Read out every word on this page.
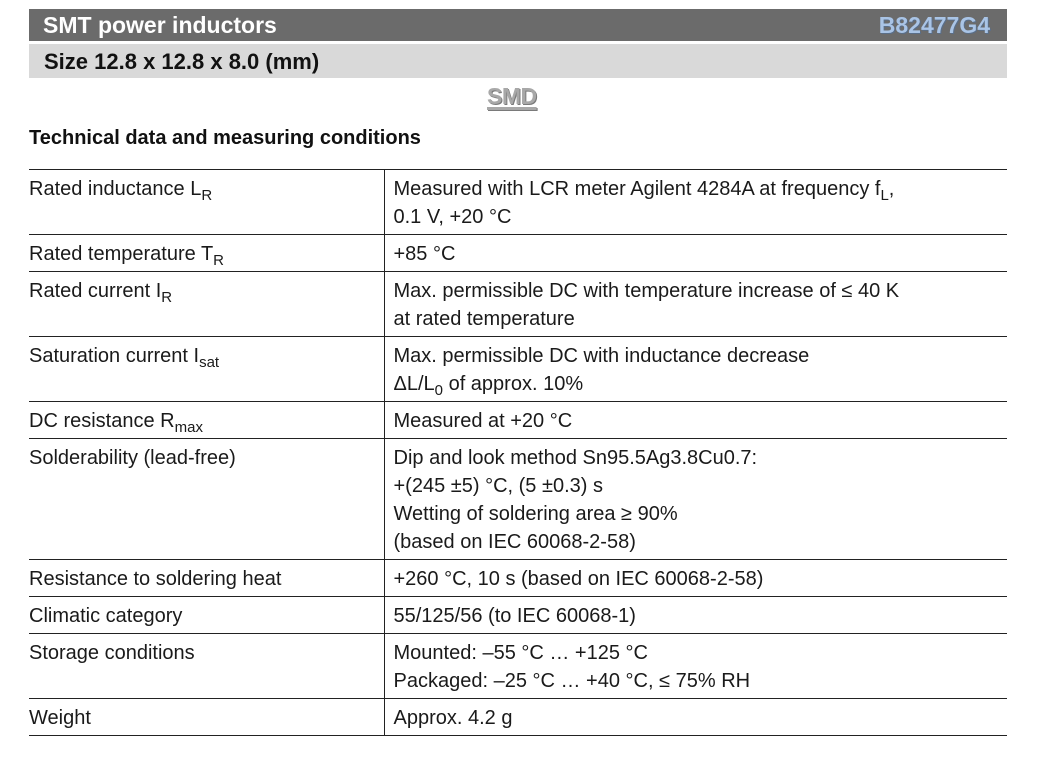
SMT power inductors	B82477G4
Size 12.8 x 12.8 x 8.0 (mm)
SMD
Technical data and measuring conditions
Rated inductance $L_R$	Measured with LCR meter Agilent 4284A at frequency $f_L$,
0.1 V, +20 °C

Rated temperature $T_R$	+85 °C

Rated current $I_R$	Max. permissible DC with temperature increase of ≤ 40 K
at rated temperature

Saturation current $I_{sat}$	Max. permissible DC with inductance decrease
$\Delta L/L_0$ of approx. 10%

DC resistance $R_{max}$	Measured at +20 °C

Solderability (lead-free)	Dip and look method Sn95.5Ag3.8Cu0.7:
+(245 ±5) °C, (5 ±0.3) s
Wetting of soldering area ≥ 90%
(based on IEC 60068-2-58)

Resistance to soldering heat	+260 °C, 10 s (based on IEC 60068-2-58)

Climatic category	55/125/56 (to IEC 60068-1)

Storage conditions	Mounted: –55 °C … +125 °C
Packaged: –25 °C … +40 °C, ≤ 75% RH

Weight	Approx. 4.2 g
